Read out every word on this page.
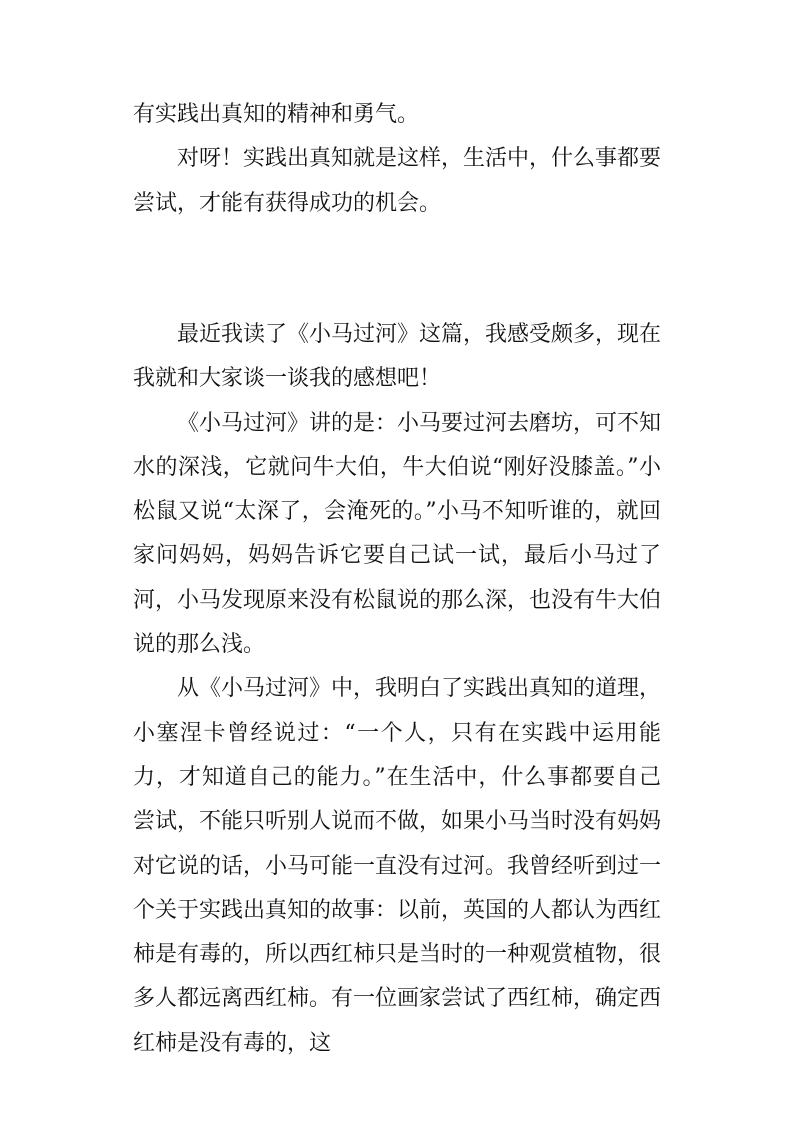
有实践出真知的精神和勇气。

对呀！实践出真知就是这样，生活中，什么事都要尝试，才能有获得成功的机会。

最近我读了《小马过河》这篇，我感受颇多，现在我就和大家谈一谈我的感想吧！

《小马过河》讲的是：小马要过河去磨坊，可不知水的深浅，它就问牛大伯，牛大伯说“刚好没膝盖。”小松鼠又说“太深了，会淹死的。”小马不知听谁的，就回家问妈妈，妈妈告诉它要自己试一试，最后小马过了河，小马发现原来没有松鼠说的那么深，也没有牛大伯说的那么浅。

从《小马过河》中，我明白了实践出真知的道理，小塞涅卡曾经说过：“一个人，只有在实践中运用能力，才知道自己的能力。”在生活中，什么事都要自己尝试，不能只听别人说而不做，如果小马当时没有妈妈对它说的话，小马可能一直没有过河。我曾经听到过一个关于实践出真知的故事：以前，英国的人都认为西红柿是有毒的，所以西红柿只是当时的一种观赏植物，很多人都远离西红柿。有一位画家尝试了西红柿，确定西红柿是没有毒的，这
